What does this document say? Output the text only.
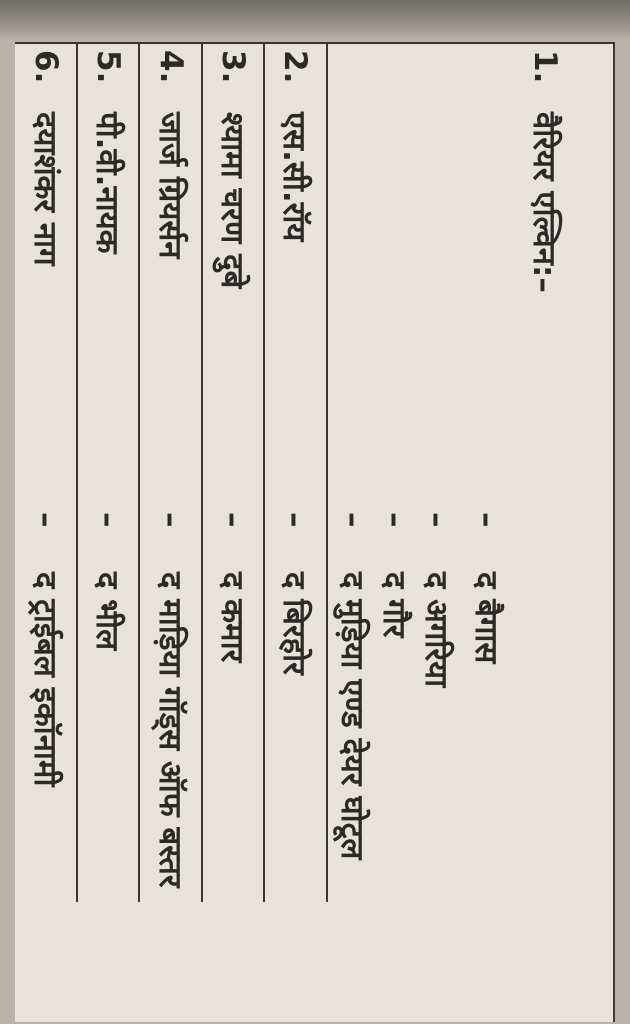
1.
वैरियर एल्विन:–
–
द बैगास
–
द अगरिया
–
द गौर
–
द मुड़िया एण्ड देयर घोटूल
2.
एस.सी.रॉय
–
द बिरहोर
3.
श्यामा चरण दुबे
–
द कमार
4.
जार्ज ग्रियर्सन
–
द माड़िया गॉड्स ऑफ बस्तर
5.
पी.वी.नायक
–
द भील
6.
दयाशंकर नाग
–
द ट्राईबल इकॉनामी
